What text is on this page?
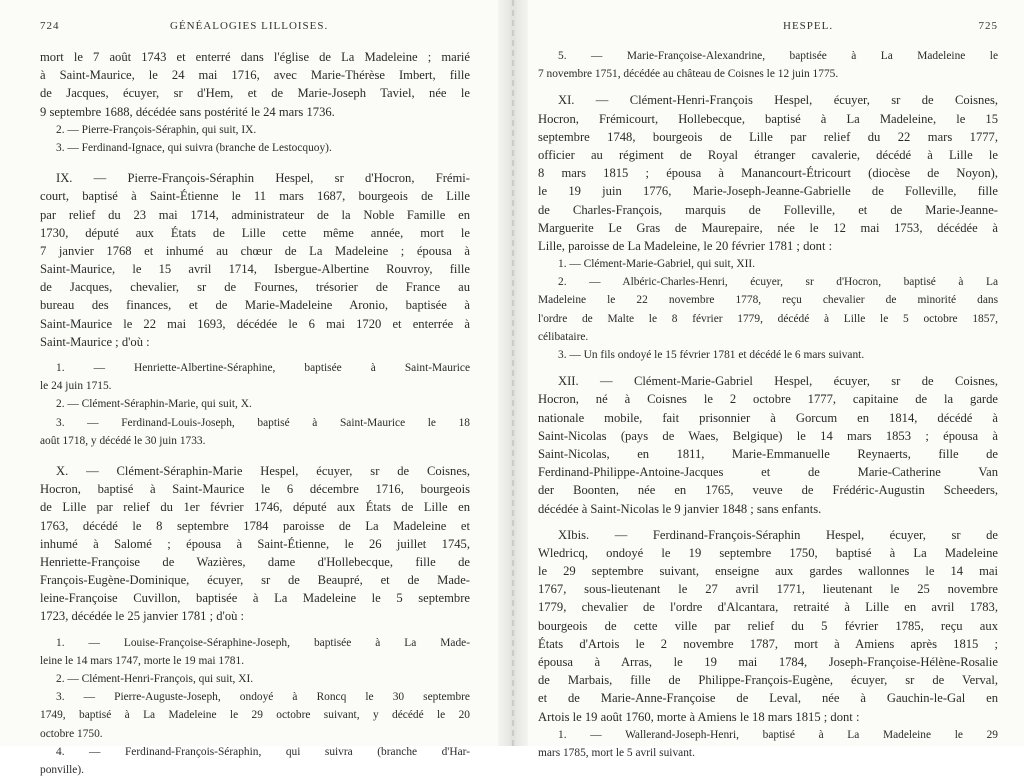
724	GÉNÉALOGIES LILLOISES.
mort le 7 août 1743 et enterré dans l'église de La Madeleine ; marié
à Saint-Maurice, le 24 mai 1716, avec Marie-Thérèse Imbert, fille
de Jacques, écuyer, sr d'Hem, et de Marie-Joseph Taviel, née le
9 septembre 1688, décédée sans postérité le 24 mars 1736.
2. — Pierre-François-Séraphin, qui suit, IX.
3. — Ferdinand-Ignace, qui suivra (branche de Lestocquoy).
IX. — Pierre-François-Séraphin Hespel, sr d'Hocron, Frémi-
court, baptisé à Saint-Étienne le 11 mars 1687, bourgeois de Lille
par relief du 23 mai 1714, administrateur de la Noble Famille en
1730, député aux États de Lille cette même année, mort le
7 janvier 1768 et inhumé au chœur de La Madeleine ; épousa à
Saint-Maurice, le 15 avril 1714, Isbergue-Albertine Rouvroy, fille
de Jacques, chevalier, sr de Fournes, trésorier de France au
bureau des finances, et de Marie-Madeleine Aronio, baptisée à
Saint-Maurice le 22 mai 1693, décédée le 6 mai 1720 et enterrée à
Saint-Maurice ; d'où :
1. — Henriette-Albertine-Séraphine, baptisée à Saint-Maurice
le 24 juin 1715.
2. — Clément-Séraphin-Marie, qui suit, X.
3. — Ferdinand-Louis-Joseph, baptisé à Saint-Maurice le 18
août 1718, y décédé le 30 juin 1733.
X. — Clément-Séraphin-Marie Hespel, écuyer, sr de Coisnes,
Hocron, baptisé à Saint-Maurice le 6 décembre 1716, bourgeois
de Lille par relief du 1er février 1746, député aux États de Lille en
1763, décédé le 8 septembre 1784 paroisse de La Madeleine et
inhumé à Salomé ; épousa à Saint-Étienne, le 26 juillet 1745,
Henriette-Françoise de Wazières, dame d'Hollebecque, fille de
François-Eugène-Dominique, écuyer, sr de Beaupré, et de Made-
leine-Françoise Cuvillon, baptisée à La Madeleine le 5 septembre
1723, décédée le 25 janvier 1781 ; d'où :
1. — Louise-Françoise-Séraphine-Joseph, baptisée à La Made-
leine le 14 mars 1747, morte le 19 mai 1781.
2. — Clément-Henri-François, qui suit, XI.
3. — Pierre-Auguste-Joseph, ondoyé à Roncq le 30 septembre
1749, baptisé à La Madeleine le 29 octobre suivant, y décédé le 20
octobre 1750.
4. — Ferdinand-François-Séraphin, qui suivra (branche d'Har-
ponville).
HESPEL.	725
5. — Marie-Françoise-Alexandrine, baptisée à La Madeleine le
7 novembre 1751, décédée au château de Coisnes le 12 juin 1775.
XI. — Clément-Henri-François Hespel, écuyer, sr de Coisnes,
Hocron, Frémicourt, Hollebecque, baptisé à La Madeleine, le 15
septembre 1748, bourgeois de Lille par relief du 22 mars 1777,
officier au régiment de Royal étranger cavalerie, décédé à Lille le
8 mars 1815 ; épousa à Manancourt-Étricourt (diocèse de Noyon),
le 19 juin 1776, Marie-Joseph-Jeanne-Gabrielle de Folleville, fille
de Charles-François, marquis de Folleville, et de Marie-Jeanne-
Marguerite Le Gras de Maurepaire, née le 12 mai 1753, décédée à
Lille, paroisse de La Madeleine, le 20 février 1781 ; dont :
1. — Clément-Marie-Gabriel, qui suit, XII.
2. — Albéric-Charles-Henri, écuyer, sr d'Hocron, baptisé à La
Madeleine le 22 novembre 1778, reçu chevalier de minorité dans
l'ordre de Malte le 8 février 1779, décédé à Lille le 5 octobre 1857,
célibataire.
3. — Un fils ondoyé le 15 février 1781 et décédé le 6 mars suivant.
XII. — Clément-Marie-Gabriel Hespel, écuyer, sr de Coisnes,
Hocron, né à Coisnes le 2 octobre 1777, capitaine de la garde
nationale mobile, fait prisonnier à Gorcum en 1814, décédé à
Saint-Nicolas (pays de Waes, Belgique) le 14 mars 1853 ; épousa à
Saint-Nicolas, en 1811, Marie-Emmanuelle Reynaerts, fille de
Ferdinand-Philippe-Antoine-Jacques et de Marie-Catherine Van
der Boonten, née en 1765, veuve de Frédéric-Augustin Scheeders,
décédée à Saint-Nicolas le 9 janvier 1848 ; sans enfants.
XIbis. — Ferdinand-François-Séraphin Hespel, écuyer, sr de
Wledricq, ondoyé le 19 septembre 1750, baptisé à La Madeleine
le 29 septembre suivant, enseigne aux gardes wallonnes le 14 mai
1767, sous-lieutenant le 27 avril 1771, lieutenant le 25 novembre
1779, chevalier de l'ordre d'Alcantara, retraité à Lille en avril 1783,
bourgeois de cette ville par relief du 5 février 1785, reçu aux
États d'Artois le 2 novembre 1787, mort à Amiens après 1815 ;
épousa à Arras, le 19 mai 1784, Joseph-Françoise-Hélène-Rosalie
de Marbais, fille de Philippe-François-Eugène, écuyer, sr de Verval,
et de Marie-Anne-Françoise de Leval, née à Gauchin-le-Gal en
Artois le 19 août 1760, morte à Amiens le 18 mars 1815 ; dont :
1. — Wallerand-Joseph-Henri, baptisé à La Madeleine le 29
mars 1785, mort le 5 avril suivant.
